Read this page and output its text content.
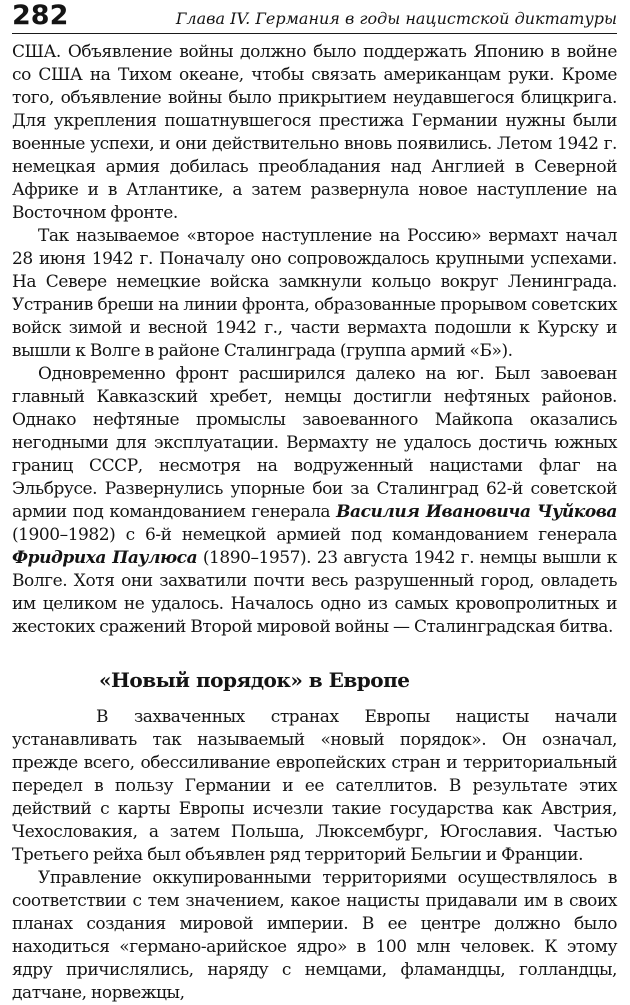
282	Глава IV. Германия в годы нацистской диктатуры

США. Объявление войны должно было поддержать Японию в войне со США на Тихом океане, чтобы связать американцам руки. Кроме того, объявление войны было прикрытием неудавшегося блицкрига. Для укрепления пошатнувшегося престижа Германии нужны были военные успехи, и они действительно вновь появились. Летом 1942 г. немецкая армия добилась преобладания над Англией в Северной Африке и в Атлантике, а затем развернула новое наступление на Восточном фронте.

Так называемое «второе наступление на Россию» вермахт начал 28 июня 1942 г. Поначалу оно сопровождалось крупными успехами. На Севере немецкие войска замкнули кольцо вокруг Ленинграда. Устранив бреши на линии фронта, образованные прорывом советских войск зимой и весной 1942 г., части вермахта подошли к Курску и вышли к Волге в районе Сталинграда (группа армий «Б»).

Одновременно фронт расширился далеко на юг. Был завоеван главный Кавказский хребет, немцы достигли нефтяных районов. Однако нефтяные промыслы завоеванного Майкопа оказались негодными для эксплуатации. Вермахту не удалось достичь южных границ СССР, несмотря на водруженный нацистами флаг на Эльбрусе. Развернулись упорные бои за Сталинград 62-й советской армии под командованием генерала Василия Ивановича Чуйкова (1900–1982) с 6-й немецкой армией под командованием генерала Фридриха Паулюса (1890–1957). 23 августа 1942 г. немцы вышли к Волге. Хотя они захватили почти весь разрушенный город, овладеть им целиком не удалось. Началось одно из самых кровопролитных и жестоких сражений Второй мировой войны — Сталинградская битва.

«Новый порядок» в Европе

В захваченных странах Европы нацисты начали устанавливать так называемый «новый порядок». Он означал, прежде всего, обессиливание европейских стран и территориальный передел в пользу Германии и ее сателлитов. В результате этих действий с карты Европы исчезли такие государства как Австрия, Чехословакия, а затем Польша, Люксембург, Югославия. Частью Третьего рейха был объявлен ряд территорий Бельгии и Франции.

Управление оккупированными территориями осуществлялось в соответствии с тем значением, какое нацисты придавали им в своих планах создания мировой империи. В ее центре должно было находиться «германо-арийское ядро» в 100 млн человек. К этому ядру причислялись, наряду с немцами, фламандцы, голландцы, датчане, норвежцы,
